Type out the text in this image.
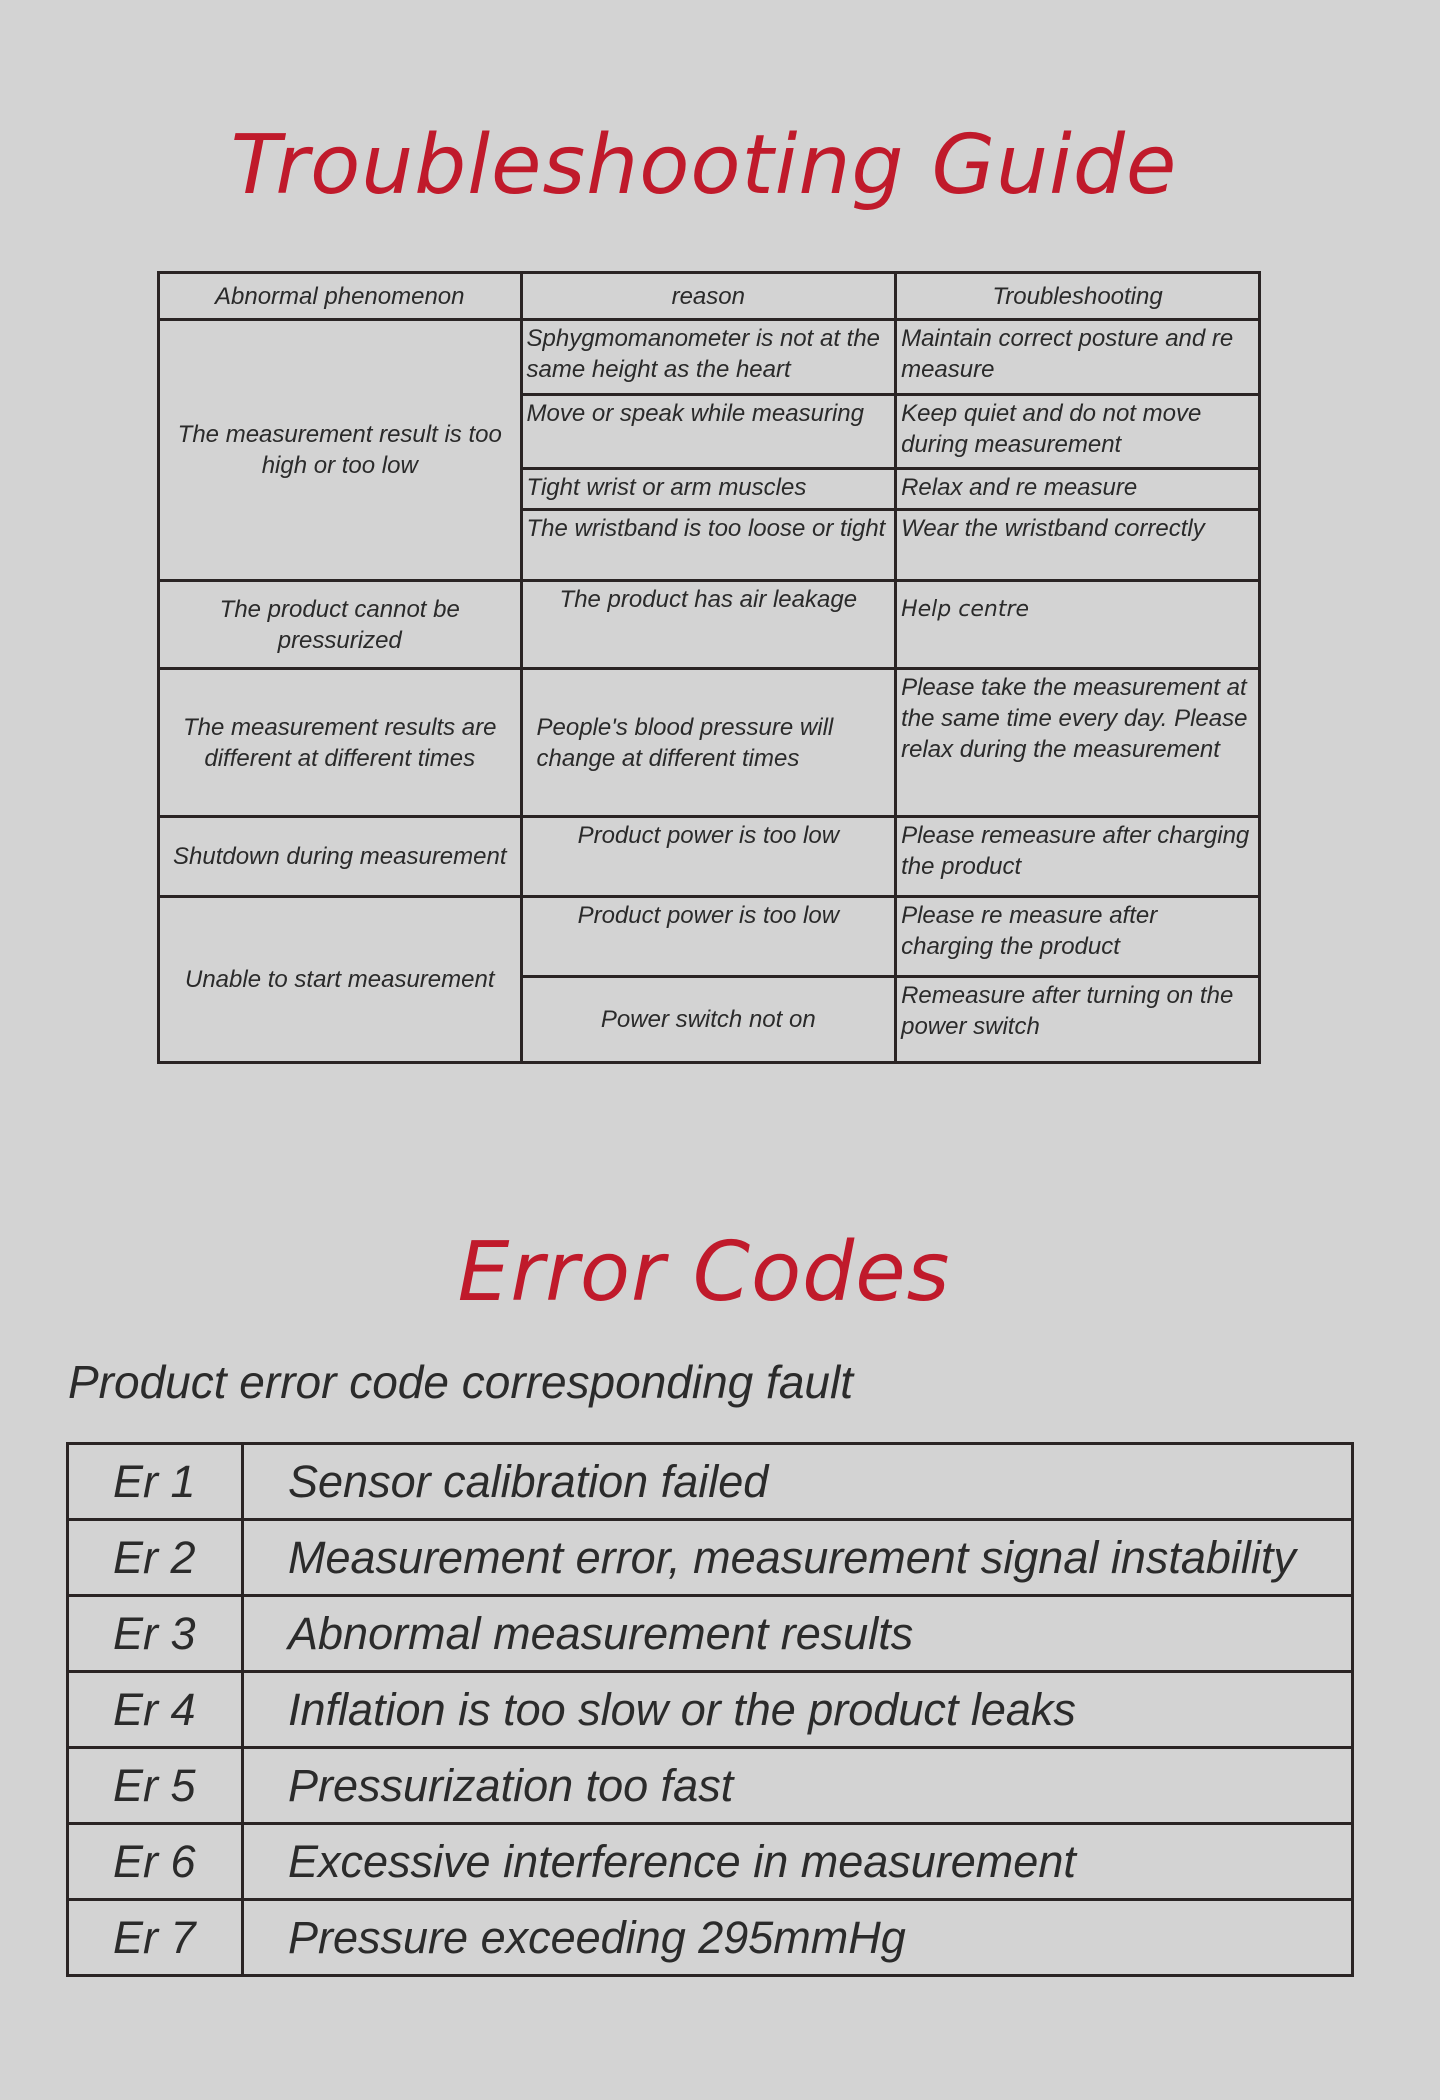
Troubleshooting Guide
Abnormal phenomenon	reason	Troubleshooting
The measurement result is too high or too low	Sphygmomanometer is not at the same height as the heart	Maintain correct posture and re measure
	Move or speak while measuring	Keep quiet and do not move during measurement
	Tight wrist or arm muscles	Relax and re measure
	The wristband is too loose or tight	Wear the wristband correctly
The product cannot be pressurized	The product has air leakage	Help centre
The measurement results are different at different times	People's blood pressure will change at different times	Please take the measurement at the same time every day. Please relax during the measurement
Shutdown during measurement	Product power is too low	Please remeasure after charging the product
Unable to start measurement	Product power is too low	Please re measure after charging the product
	Power switch not on	Remeasure after turning on the power switch
Error Codes

Product error code corresponding fault

Er 1	Sensor calibration failed
Er 2	Measurement error, measurement signal instability
Er 3	Abnormal measurement results
Er 4	Inflation is too slow or the product leaks
Er 5	Pressurization too fast
Er 6	Excessive interference in measurement
Er 7	Pressure exceeding 295mmHg
